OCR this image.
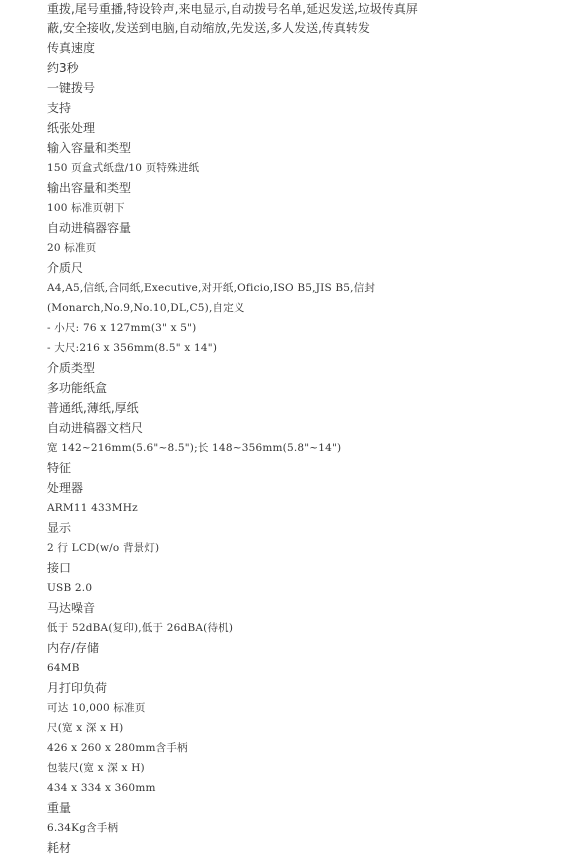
重拨,尾号重播,特设铃声,来电显示,自动拨号名单,延迟发送,垃圾传真屏
蔽,安全接收,发送到电脑,自动缩放,先发送,多人发送,传真转发
传真速度
约3秒
一键拨号
支持
纸张处理
输入容量和类型
150 页盒式纸盘/10 页特殊进纸
输出容量和类型
100 标准页朝下
自动进稿器容量
20 标准页
介质尺
A4,A5,信纸,合同纸,Executive,对开纸,Oficio,ISO B5,JIS B5,信封
(Monarch,No.9,No.10,DL,C5),自定义
- 小尺: 76 x 127mm(3" x 5")
- 大尺:216 x 356mm(8.5" x 14")
介质类型
多功能纸盒
普通纸,薄纸,厚纸
自动进稿器文档尺
宽 142~216mm(5.6"~8.5");长 148~356mm(5.8"~14")
特征
处理器
ARM11 433MHz
显示
2 行 LCD(w/o 背景灯)
接口
USB 2.0
马达噪音
低于 52dBA(复印),低于 26dBA(待机)
内存/存储
64MB
月打印负荷
可达 10,000 标准页
尺(宽 x 深 x H)
426 x 260 x 280mm含手柄
包装尺(宽 x 深 x H)
434 x 334 x 360mm
重量
6.34Kg含手柄
耗材
